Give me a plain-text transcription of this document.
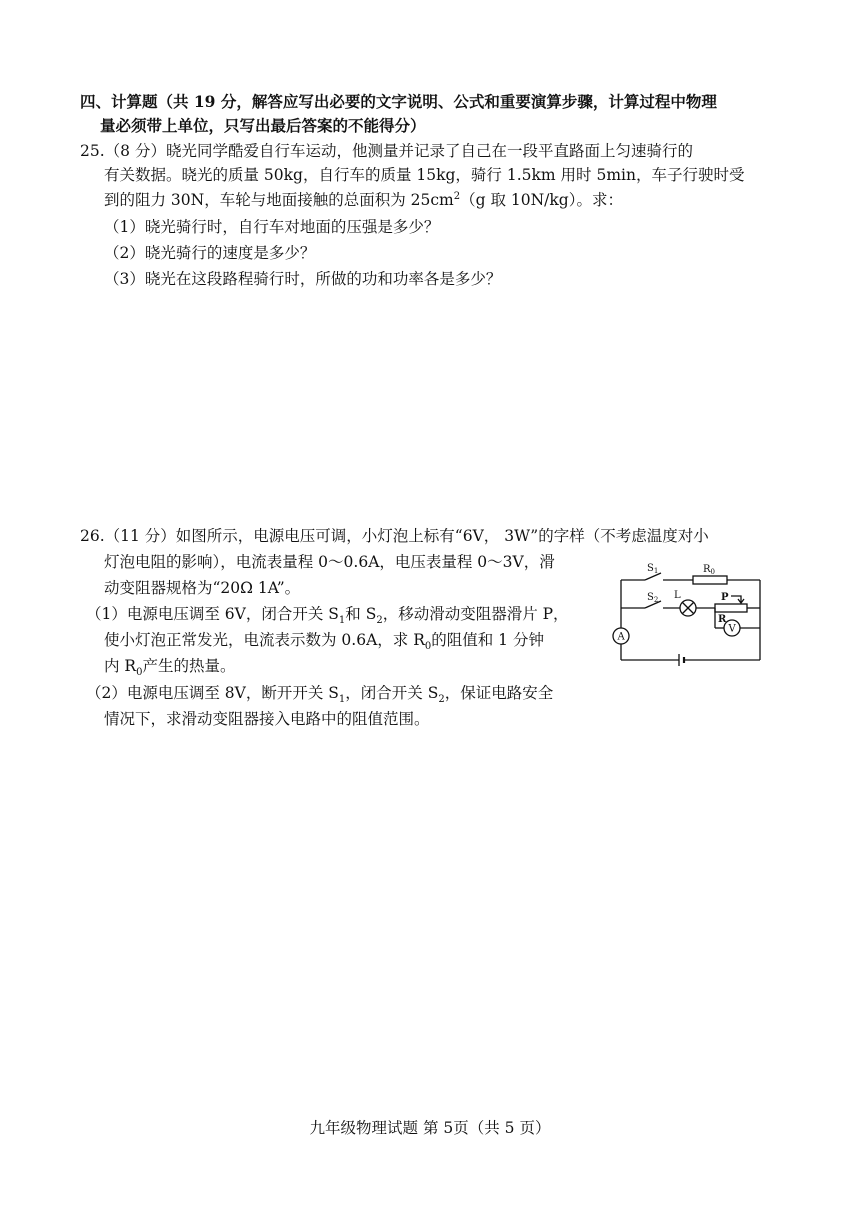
四、计算题（共 19 分，解答应写出必要的文字说明、公式和重要演算步骤，计算过程中物理
量必须带上单位，只写出最后答案的不能得分）
25.（8 分）晓光同学酷爱自行车运动，他测量并记录了自己在一段平直路面上匀速骑行的
有关数据。晓光的质量 50kg，自行车的质量 15kg，骑行 1.5km 用时 5min，车子行驶时受
到的阻力 30N，车轮与地面接触的总面积为 $25cm^2(g$ 取 10N/kg）。求：
（1）晓光骑行时，自行车对地面的压强是多少？
（2）晓光骑行的速度是多少？
（3）晓光在这段路程骑行时，所做的功和功率各是多少？
26.（11 分）如图所示，电源电压可调，小灯泡上标有“6V， 3W”的字样（不考虑温度对小
灯泡电阻的影响），电流表量程 0～0.6A，电压表量程 0～3V，滑
动变阻器规格为“20Ω 1A”。
（1）电源电压调至 6V，闭合开关 $S_1$和 $S_2$，移动滑动变阻器滑片 P，
使小灯泡正常发光，电流表示数为 0.6A，求 $R_0$的阻值和 1 分钟
内 $R_0$产生的热量。
（2）电源电压调至 8V，断开开关 $S_1$，闭合开关 $S_2$，保证电路安全
情况下，求滑动变阻器接入电路中的阻值范围。
$S_1$	$R_0$
L
$S_2$	P
R
V
A
九年级物理试题 第 5页（共 5 页）
